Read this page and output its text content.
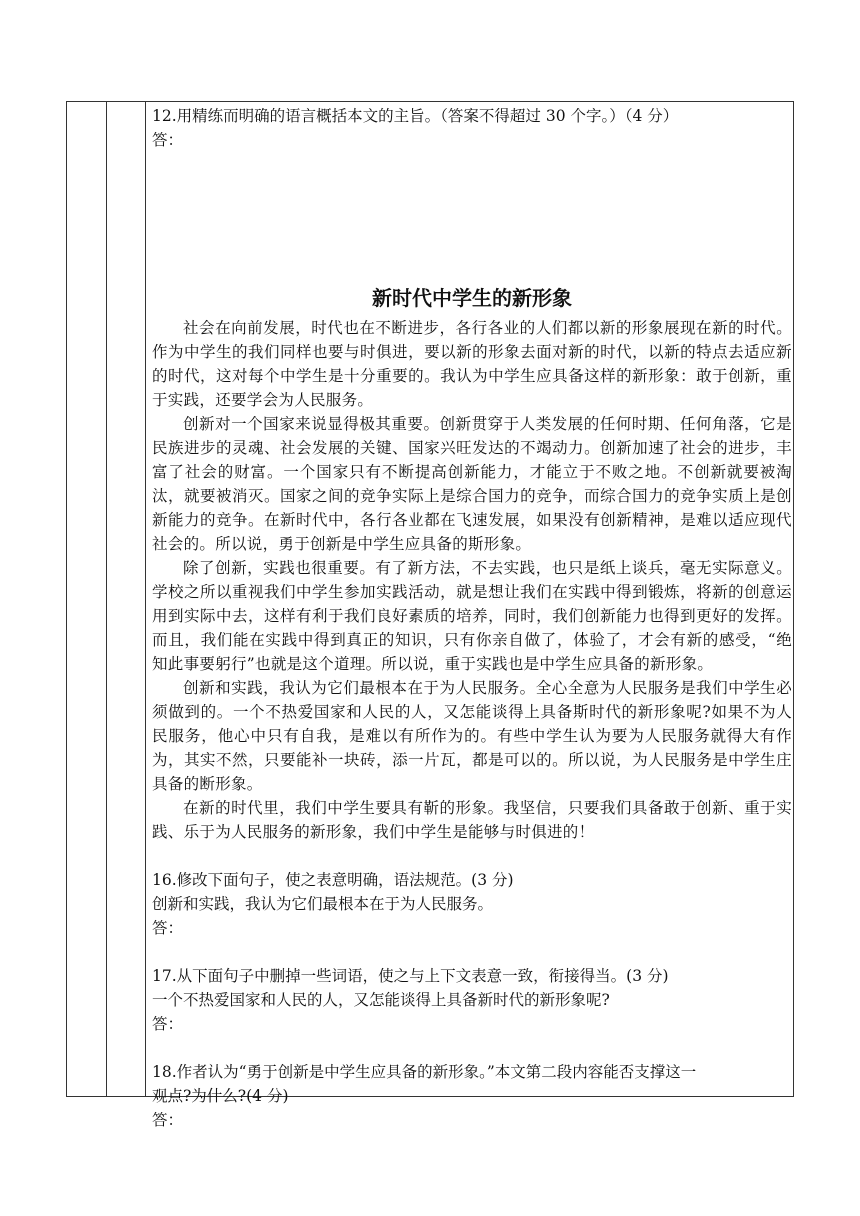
12.用精练而明确的语言概括本文的主旨。（答案不得超过 30 个字。）（4 分）
答：
新时代中学生的新形象
社会在向前发展，时代也在不断进步，各行各业的人们都以新的形象展现在新的时代。作为中学生的我们同样也要与时俱进，要以新的形象去面对新的时代，以新的特点去适应新的时代，这对每个中学生是十分重要的。我认为中学生应具备这样的新形象：敢于创新，重于实践，还要学会为人民服务。
创新对一个国家来说显得极其重要。创新贯穿于人类发展的任何时期、任何角落，它是民族进步的灵魂、社会发展的关键、国家兴旺发达的不竭动力。创新加速了社会的进步，丰富了社会的财富。一个国家只有不断提高创新能力，才能立于不败之地。不创新就要被淘汰，就要被消灭。国家之间的竞争实际上是综合国力的竞争，而综合国力的竞争实质上是创新能力的竞争。在新时代中，各行各业都在飞速发展，如果没有创新精神，是难以适应现代社会的。所以说，勇于创新是中学生应具备的斯形象。
除了创新，实践也很重要。有了新方法，不去实践，也只是纸上谈兵，毫无实际意义。学校之所以重视我们中学生参加实践活动，就是想让我们在实践中得到锻炼，将新的创意运用到实际中去，这样有利于我们良好素质的培养，同时，我们创新能力也得到更好的发挥。而且，我们能在实践中得到真正的知识，只有你亲自做了，体验了，才会有新的感受，“绝知此事要躬行”也就是这个道理。所以说，重于实践也是中学生应具备的新形象。
创新和实践，我认为它们最根本在于为人民服务。全心全意为人民服务是我们中学生必须做到的。一个不热爱国家和人民的人，又怎能谈得上具备斯时代的新形象呢?如果不为人民服务，他心中只有自我，是难以有所作为的。有些中学生认为要为人民服务就得大有作为，其实不然，只要能补一块砖，添一片瓦，都是可以的。所以说，为人民服务是中学生庄具备的断形象。
在新的时代里，我们中学生要具有靳的形象。我坚信，只要我们具备敢于创新、重于实践、乐于为人民服务的新形象，我们中学生是能够与时俱进的！
16.修改下面句子，使之表意明确，语法规范。(3 分)
创新和实践，我认为它们最根本在于为人民服务。
答：
17.从下面句子中删掉一些词语，使之与上下文表意一致，衔接得当。(3 分)
一个不热爱国家和人民的人，又怎能谈得上具备新时代的新形象呢?
答：
18.作者认为“勇于创新是中学生应具备的新形象。”本文第二段内容能否支撑这一
观点?为什么?(4 分)
答：
